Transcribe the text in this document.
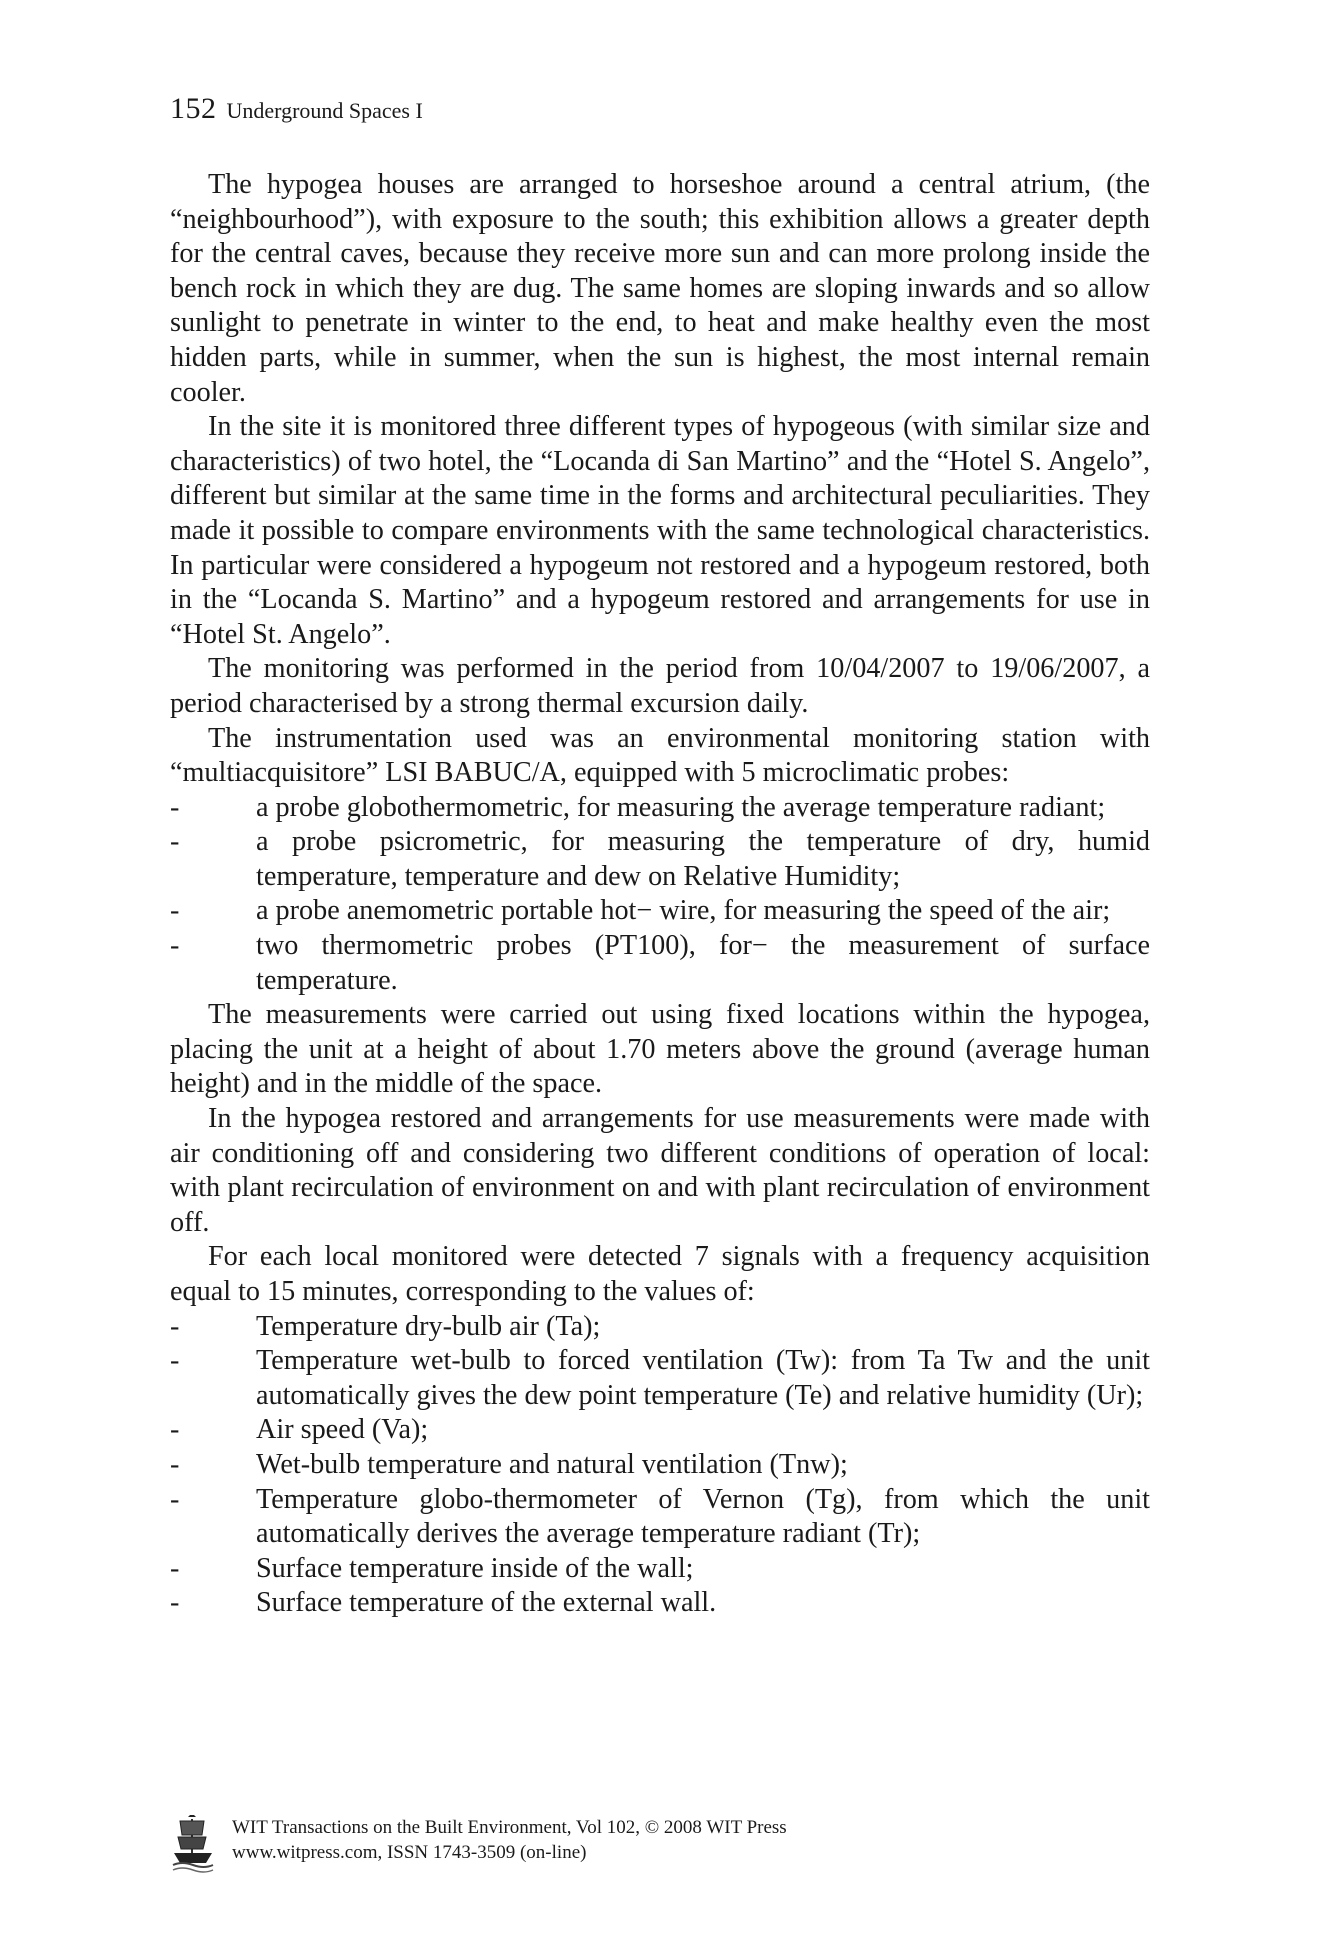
152 Underground Spaces I

The hypogea houses are arranged to horseshoe around a central atrium, (the “neighbourhood”), with exposure to the south; this exhibition allows a greater depth for the central caves, because they receive more sun and can more prolong inside the bench rock in which they are dug. The same homes are sloping inwards and so allow sunlight to penetrate in winter to the end, to heat and make healthy even the most hidden parts, while in summer, when the sun is highest, the most internal remain cooler.

In the site it is monitored three different types of hypogeous (with similar size and characteristics) of two hotel, the “Locanda di San Martino” and the “Hotel S. Angelo”, different but similar at the same time in the forms and architectural peculiarities. They made it possible to compare environments with the same technological characteristics. In particular were considered a hypogeum not restored and a hypogeum restored, both in the “Locanda S. Martino” and a hypogeum restored and arrangements for use in “Hotel St. Angelo”.

The monitoring was performed in the period from 10/04/2007 to 19/06/2007, a period characterised by a strong thermal excursion daily.

The instrumentation used was an environmental monitoring station with “multiacquisitore” LSI BABUC/A, equipped with 5 microclimatic probes:

-	a probe globothermometric, for measuring the average temperature radiant;
-	a probe psicrometric, for measuring the temperature of dry, humid temperature, temperature and dew on Relative Humidity;
-	a probe anemometric portable hot− wire, for measuring the speed of the air;
-	two thermometric probes (PT100), for− the measurement of surface temperature.

The measurements were carried out using fixed locations within the hypogea, placing the unit at a height of about 1.70 meters above the ground (average human height) and in the middle of the space.

In the hypogea restored and arrangements for use measurements were made with air conditioning off and considering two different conditions of operation of local: with plant recirculation of environment on and with plant recirculation of environment off.

For each local monitored were detected 7 signals with a frequency acquisition equal to 15 minutes, corresponding to the values of:

-	Temperature dry-bulb air (Ta);
-	Temperature wet-bulb to forced ventilation (Tw): from Ta Tw and the unit automatically gives the dew point temperature (Te) and relative humidity (Ur);
-	Air speed (Va);
-	Wet-bulb temperature and natural ventilation (Tnw);
-	Temperature globo-thermometer of Vernon (Tg), from which the unit automatically derives the average temperature radiant (Tr);
-	Surface temperature inside of the wall;
-	Surface temperature of the external wall.
WIT Transactions on the Built Environment, Vol 102, © 2008 WIT Press
www.witpress.com, ISSN 1743-3509 (on-line)
